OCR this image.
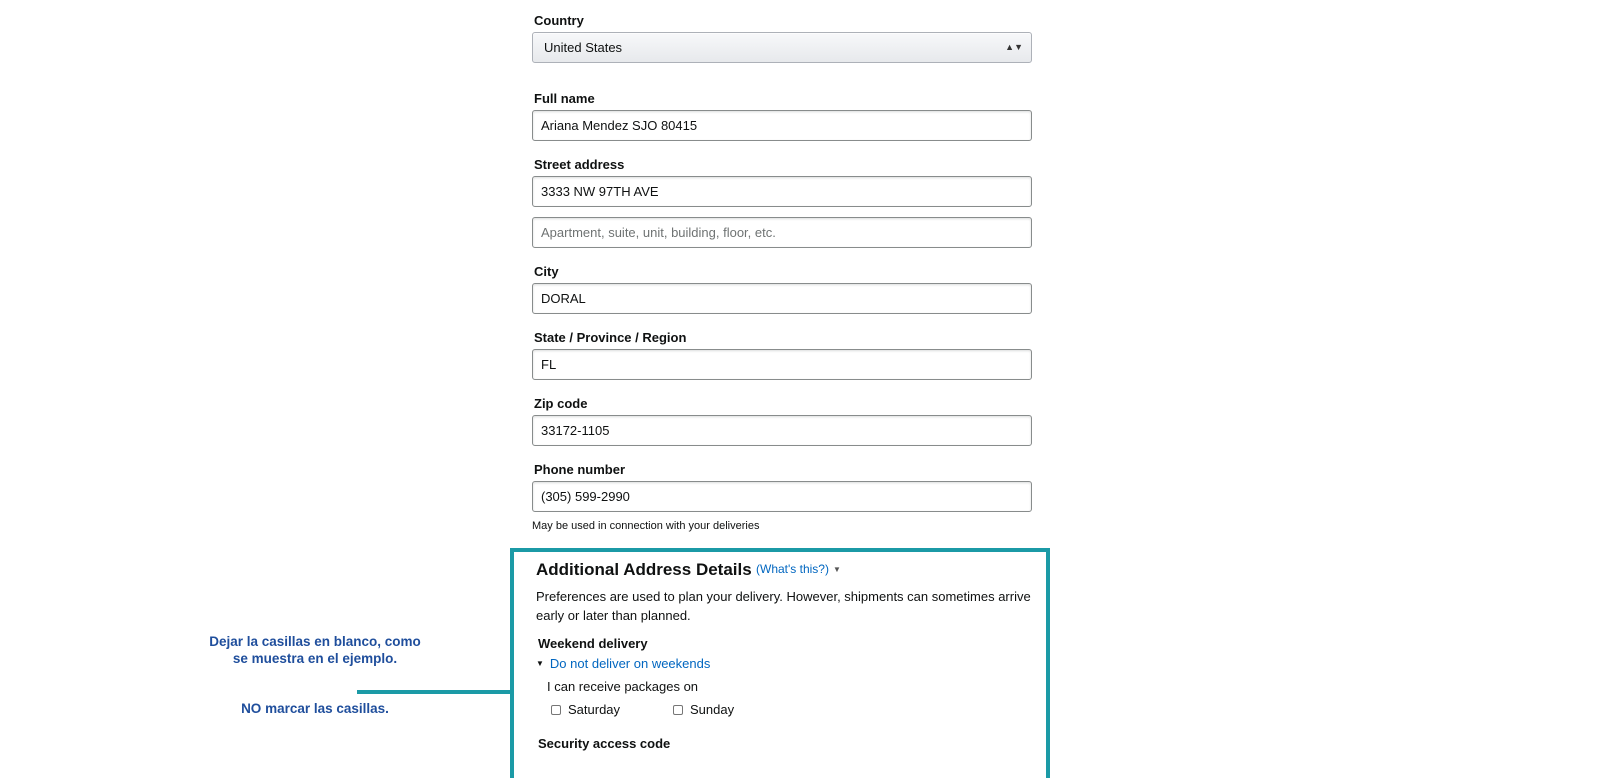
Country
United States	▲▼
Full name
Ariana Mendez SJO 80415
Street address
3333 NW 97TH AVE
Apartment, suite, unit, building, floor, etc.
City
DORAL
State / Province / Region
FL
Zip code
33172-1105
Phone number
(305) 599-2990
May be used in connection with your deliveries
Additional Address Details (What's this?) ▼
Preferences are used to plan your delivery. However, shipments can sometimes arrive early or later than planned.
Weekend delivery
▼ Do not deliver on weekends
I can receive packages on
Saturday	Sunday
Security access code
Dejar la casillas en blanco, como se muestra en el ejemplo.
NO marcar las casillas.
